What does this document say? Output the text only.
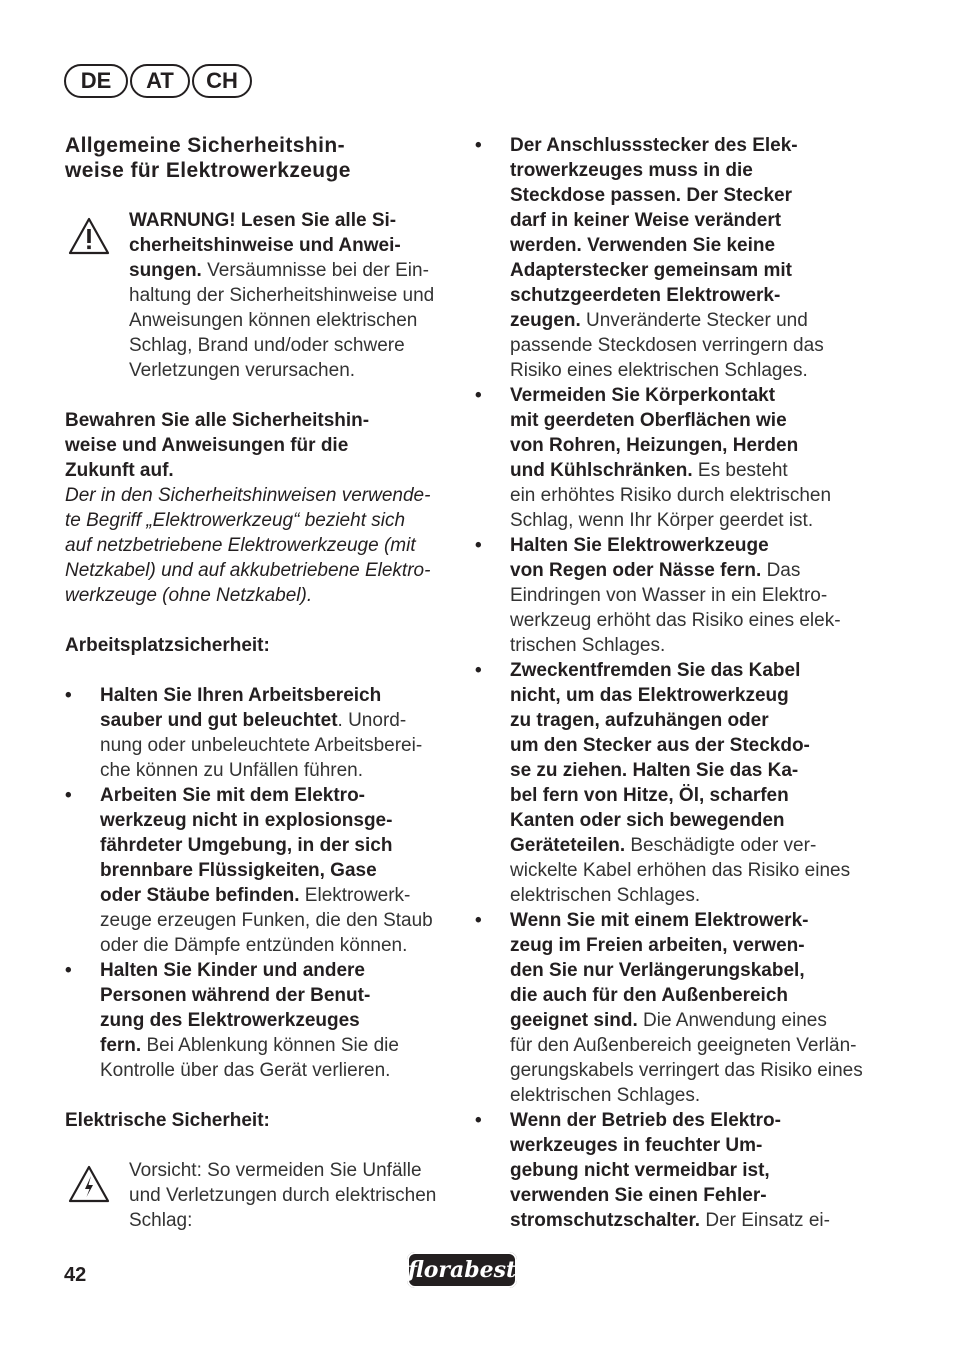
DE	AT	CH
Allgemeine Sicherheitshin-
weise für Elektrowerkzeuge

WARNUNG! Lesen Sie alle Si-
cherheitshinweise und Anwei-
sungen. Versäumnisse bei der Ein-
haltung der Sicherheitshinweise und
Anweisungen können elektrischen
Schlag, Brand und/oder schwere
Verletzungen verursachen.

Bewahren Sie alle Sicherheitshin-
weise und Anweisungen für die
Zukunft auf.
Der in den Sicherheitshinweisen verwende-
te Begriff „Elektrowerkzeug“ bezieht sich
auf netzbetriebene Elektrowerkzeuge (mit
Netzkabel) und auf akkubetriebene Elektro-
werkzeuge (ohne Netzkabel).
Arbeitsplatzsicherheit:
• Halten Sie Ihren Arbeitsbereich
sauber und gut beleuchtet. Unord-
nung oder unbeleuchtete Arbeitsberei-
che können zu Unfällen führen.

• Arbeiten Sie mit dem Elektro-
werkzeug nicht in explosionsge-
fährdeter Umgebung, in der sich
brennbare Flüssigkeiten, Gase
oder Stäube befinden. Elektrowerk-
zeuge erzeugen Funken, die den Staub
oder die Dämpfe entzünden können.

• Halten Sie Kinder und andere
Personen während der Benut-
zung des Elektrowerkzeuges
fern. Bei Ablenkung können Sie die
Kontrolle über das Gerät verlieren.

Elektrische Sicherheit:

Vorsicht: So vermeiden Sie Unfälle
und Verletzungen durch elektrischen
Schlag:

• Der Anschlussstecker des Elek-
trowerkzeuges muss in die
Steckdose passen. Der Stecker
darf in keiner Weise verändert
werden. Verwenden Sie keine
Adapterstecker gemeinsam mit
schutzgeerdeten Elektrowerk-
zeugen. Unveränderte Stecker und
passende Steckdosen verringern das
Risiko eines elektrischen Schlages.

• Vermeiden Sie Körperkontakt
mit geerdeten Oberflächen wie
von Rohren, Heizungen, Herden
und Kühlschränken. Es besteht
ein erhöhtes Risiko durch elektrischen
Schlag, wenn Ihr Körper geerdet ist.

• Halten Sie Elektrowerkzeuge
von Regen oder Nässe fern. Das
Eindringen von Wasser in ein Elektro-
werkzeug erhöht das Risiko eines elek-
trischen Schlages.

• Zweckentfremden Sie das Kabel
nicht, um das Elektrowerkzeug
zu tragen, aufzuhängen oder
um den Stecker aus der Steckdo-
se zu ziehen. Halten Sie das Ka-
bel fern von Hitze, Öl, scharfen
Kanten oder sich bewegenden
Geräteteilen. Beschädigte oder ver-
wickelte Kabel erhöhen das Risiko eines
elektrischen Schlages.

• Wenn Sie mit einem Elektrowerk-
zeug im Freien arbeiten, verwen-
den Sie nur Verlängerungskabel,
die auch für den Außenbereich
geeignet sind. Die Anwendung eines
für den Außenbereich geeigneten Verlän-
gerungskabels verringert das Risiko eines
elektrischen Schlages.

• Wenn der Betrieb des Elektro-
werkzeuges in feuchter Um-
gebung nicht vermeidbar ist,
verwenden Sie einen Fehler-
stromschutzschalter. Der Einsatz ei-

42	florabest
